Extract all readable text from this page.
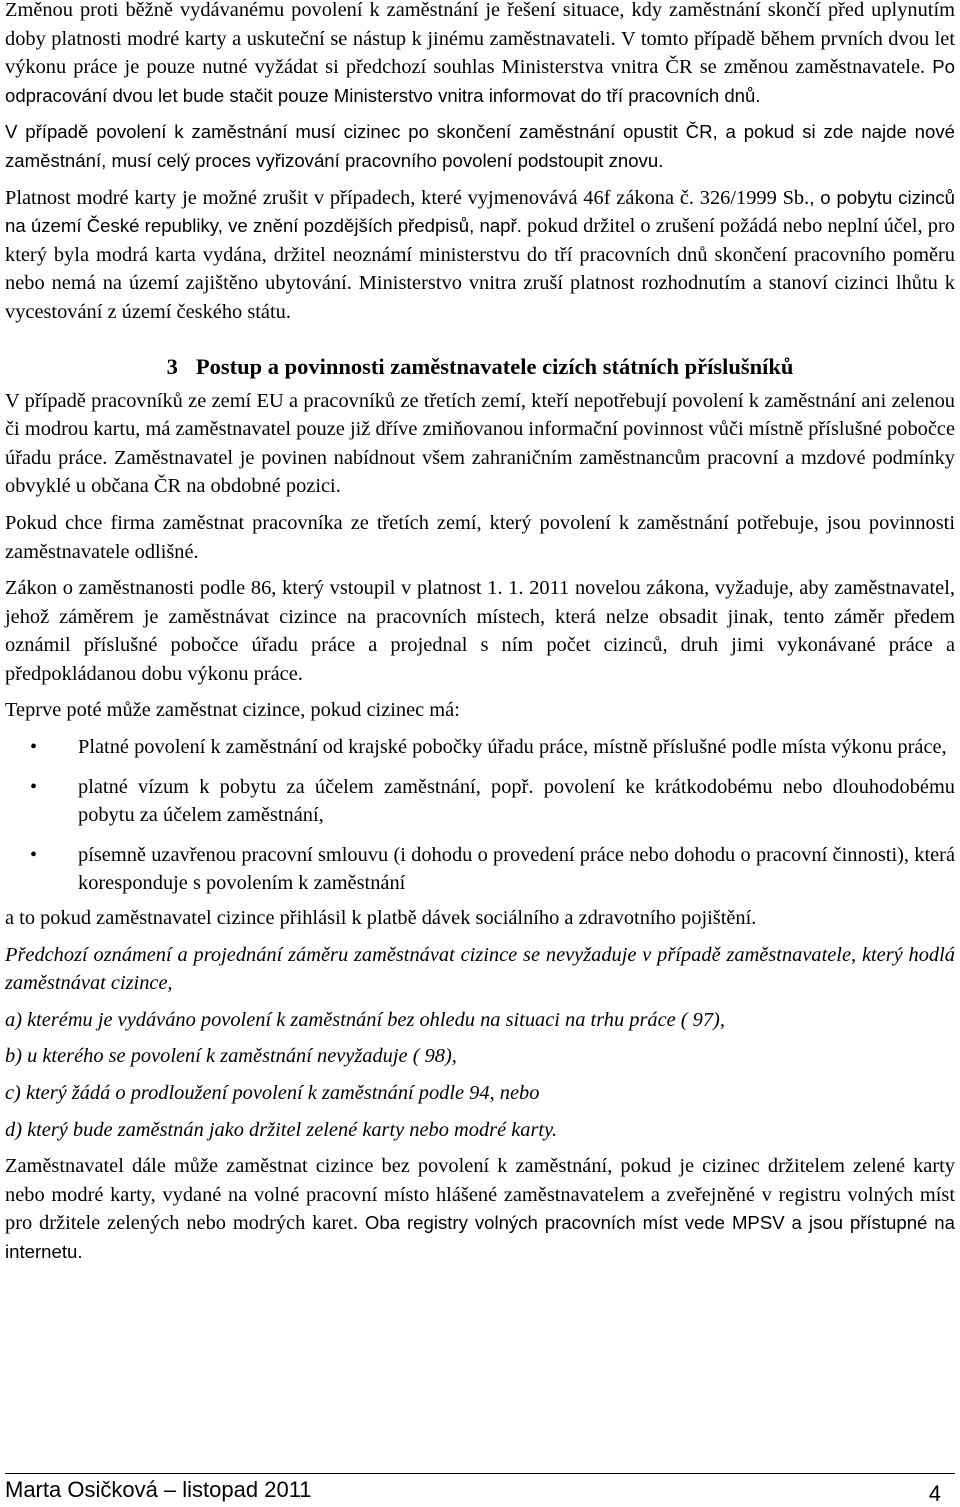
Změnou proti běžně vydávanému povolení k zaměstnání je řešení situace, kdy zaměstnání skončí před uplynutím doby platnosti modré karty a uskuteční se nástup k jinému zaměstnavateli. V tomto případě během prvních dvou let výkonu práce je pouze nutné vyžádat si předchozí souhlas Ministerstva vnitra ČR se změnou zaměstnavatele. Po odpracování dvou let bude stačit pouze Ministerstvo vnitra informovat do tří pracovních dnů.

V případě povolení k zaměstnání musí cizinec po skončení zaměstnání opustit ČR, a pokud si zde najde nové zaměstnání, musí celý proces vyřizování pracovního povolení podstoupit znovu.

Platnost modré karty je možné zrušit v případech, které vyjmenovává 46f zákona č. 326/1999 Sb., o pobytu cizinců na území České republiky, ve znění pozdějších předpisů, např. pokud držitel o zrušení požádá nebo neplní účel, pro který byla modrá karta vydána, držitel neoznámí ministerstvu do tří pracovních dnů skončení pracovního poměru nebo nemá na území zajištěno ubytování. Ministerstvo vnitra zruší platnost rozhodnutím a stanoví cizinci lhůtu k vycestování z území českého státu.

3 Postup a povinnosti zaměstnavatele cizích státních příslušníků

V případě pracovníků ze zemí EU a pracovníků ze třetích zemí, kteří nepotřebují povolení k zaměstnání ani zelenou či modrou kartu, má zaměstnavatel pouze již dříve zmiňovanou informační povinnost vůči místně příslušné pobočce úřadu práce. Zaměstnavatel je povinen nabídnout všem zahraničním zaměstnancům pracovní a mzdové podmínky obvyklé u občana ČR na obdobné pozici.

Pokud chce firma zaměstnat pracovníka ze třetích zemí, který povolení k zaměstnání potřebuje, jsou povinnosti zaměstnavatele odlišné.

Zákon o zaměstnanosti podle 86, který vstoupil v platnost 1. 1. 2011 novelou zákona, vyžaduje, aby zaměstnavatel, jehož záměrem je zaměstnávat cizince na pracovních místech, která nelze obsadit jinak, tento záměr předem oznámil příslušné pobočce úřadu práce a projednal s ním počet cizinců, druh jimi vykonávané práce a předpokládanou dobu výkonu práce.

Teprve poté může zaměstnat cizince, pokud cizinec má:

• Platné povolení k zaměstnání od krajské pobočky úřadu práce, místně příslušné podle místa výkonu práce,
• platné vízum k pobytu za účelem zaměstnání, popř. povolení ke krátkodobému nebo dlouhodobému pobytu za účelem zaměstnání,
• písemně uzavřenou pracovní smlouvu (i dohodu o provedení práce nebo dohodu o pracovní činnosti), která koresponduje s povolením k zaměstnání

a to pokud zaměstnavatel cizince přihlásil k platbě dávek sociálního a zdravotního pojištění.

Předchozí oznámení a projednání záměru zaměstnávat cizince se nevyžaduje v případě zaměstnavatele, který hodlá zaměstnávat cizince,

a) kterému je vydáváno povolení k zaměstnání bez ohledu na situaci na trhu práce ( 97),

b) u kterého se povolení k zaměstnání nevyžaduje ( 98),

c) který žádá o prodloužení povolení k zaměstnání podle 94, nebo

d) který bude zaměstnán jako držitel zelené karty nebo modré karty.

Zaměstnavatel dále může zaměstnat cizince bez povolení k zaměstnání, pokud je cizinec držitelem zelené karty nebo modré karty, vydané na volné pracovní místo hlášené zaměstnavatelem a zveřejněné v registru volných míst pro držitele zelených nebo modrých karet. Oba registry volných pracovních míst vede MPSV a jsou přístupné na internetu.

Marta Osičková – listopad 2011	4
